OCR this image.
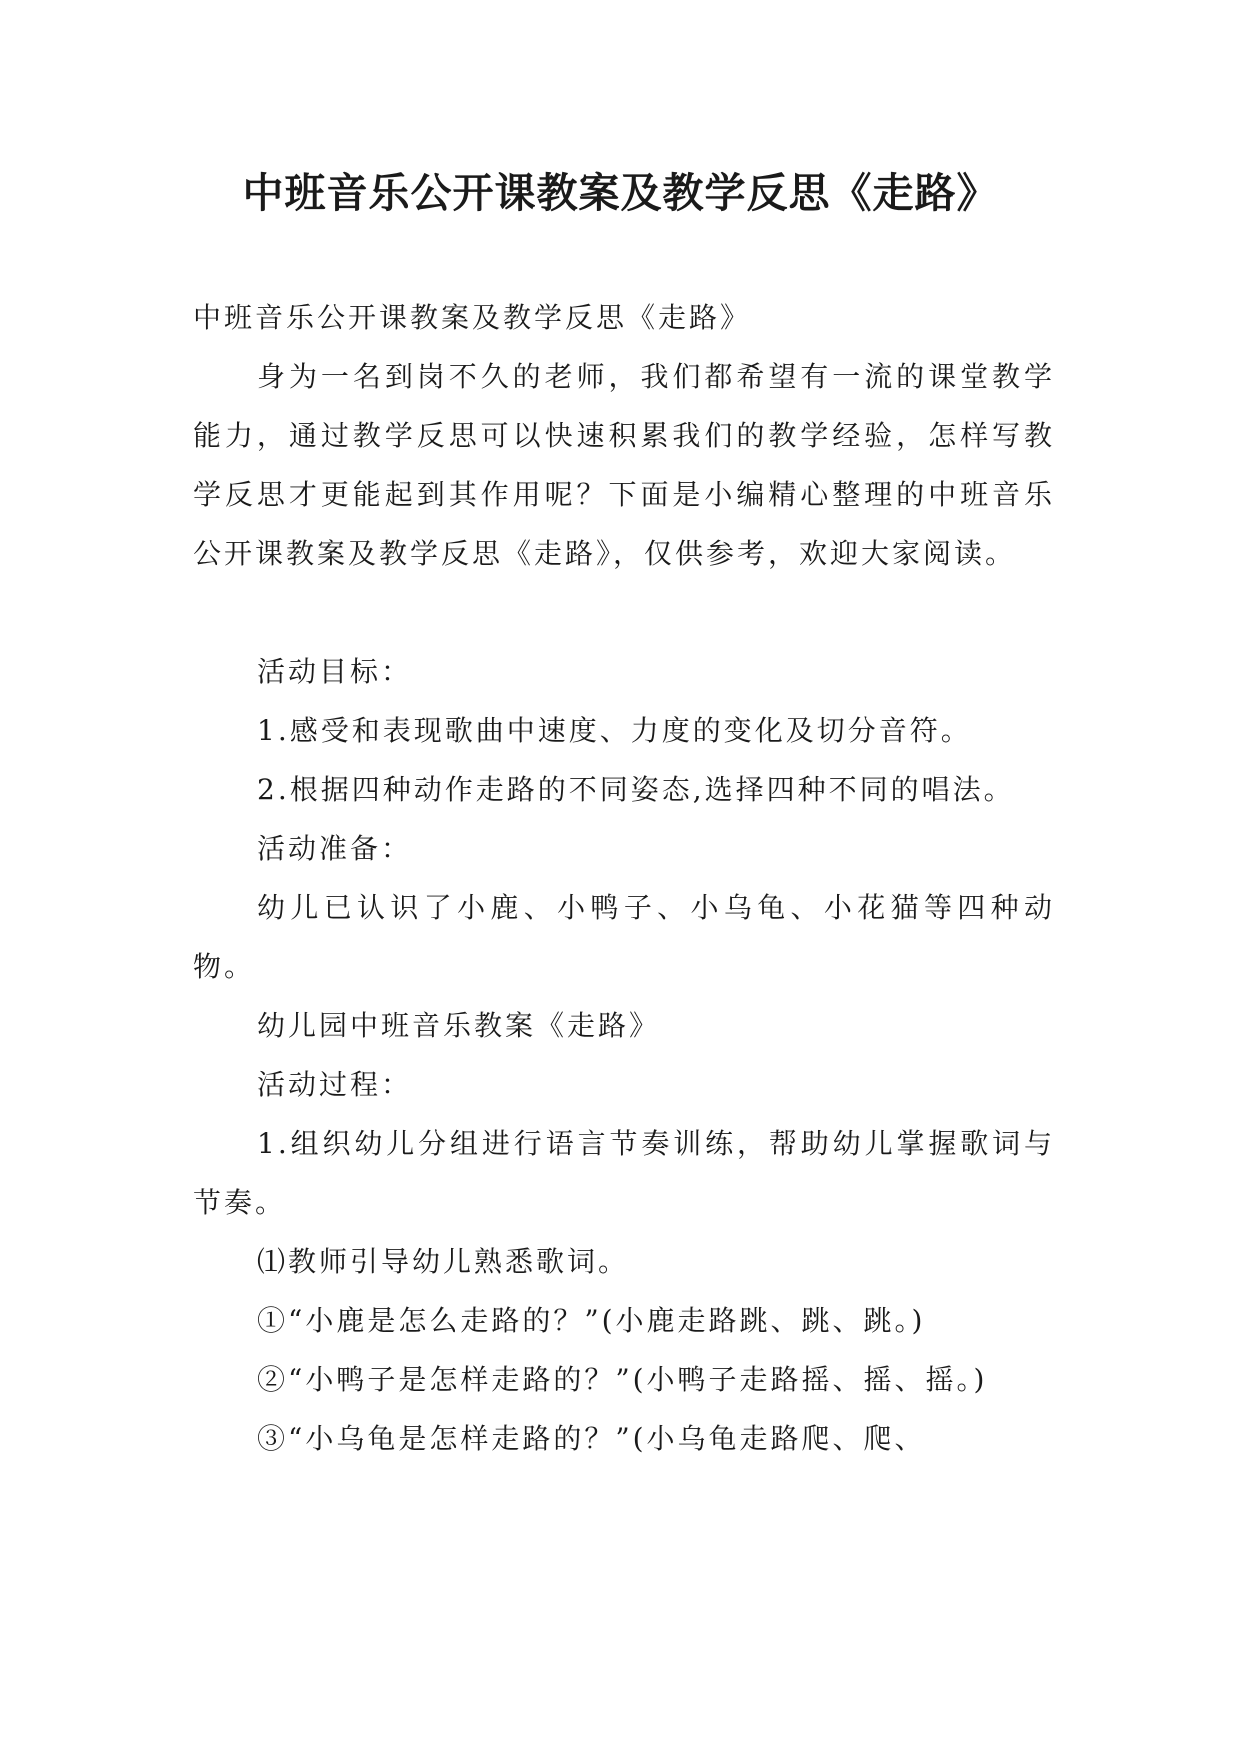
中班音乐公开课教案及教学反思《走路》

中班音乐公开课教案及教学反思《走路》

身为一名到岗不久的老师，我们都希望有一流的课堂教学能力，通过教学反思可以快速积累我们的教学经验，怎样写教学反思才更能起到其作用呢？下面是小编精心整理的中班音乐公开课教案及教学反思《走路》，仅供参考，欢迎大家阅读。

活动目标：

1.感受和表现歌曲中速度、力度的变化及切分音符。

2.根据四种动作走路的不同姿态,选择四种不同的唱法。

活动准备：

幼儿已认识了小鹿、小鸭子、小乌龟、小花猫等四种动物。

幼儿园中班音乐教案《走路》

活动过程：

1.组织幼儿分组进行语言节奏训练，帮助幼儿掌握歌词与节奏。

⑴教师引导幼儿熟悉歌词。

①“小鹿是怎么走路的？”(小鹿走路跳、跳、跳。)

②“小鸭子是怎样走路的？”(小鸭子走路摇、摇、摇。)

③“小乌龟是怎样走路的？”(小乌龟走路爬、爬、
